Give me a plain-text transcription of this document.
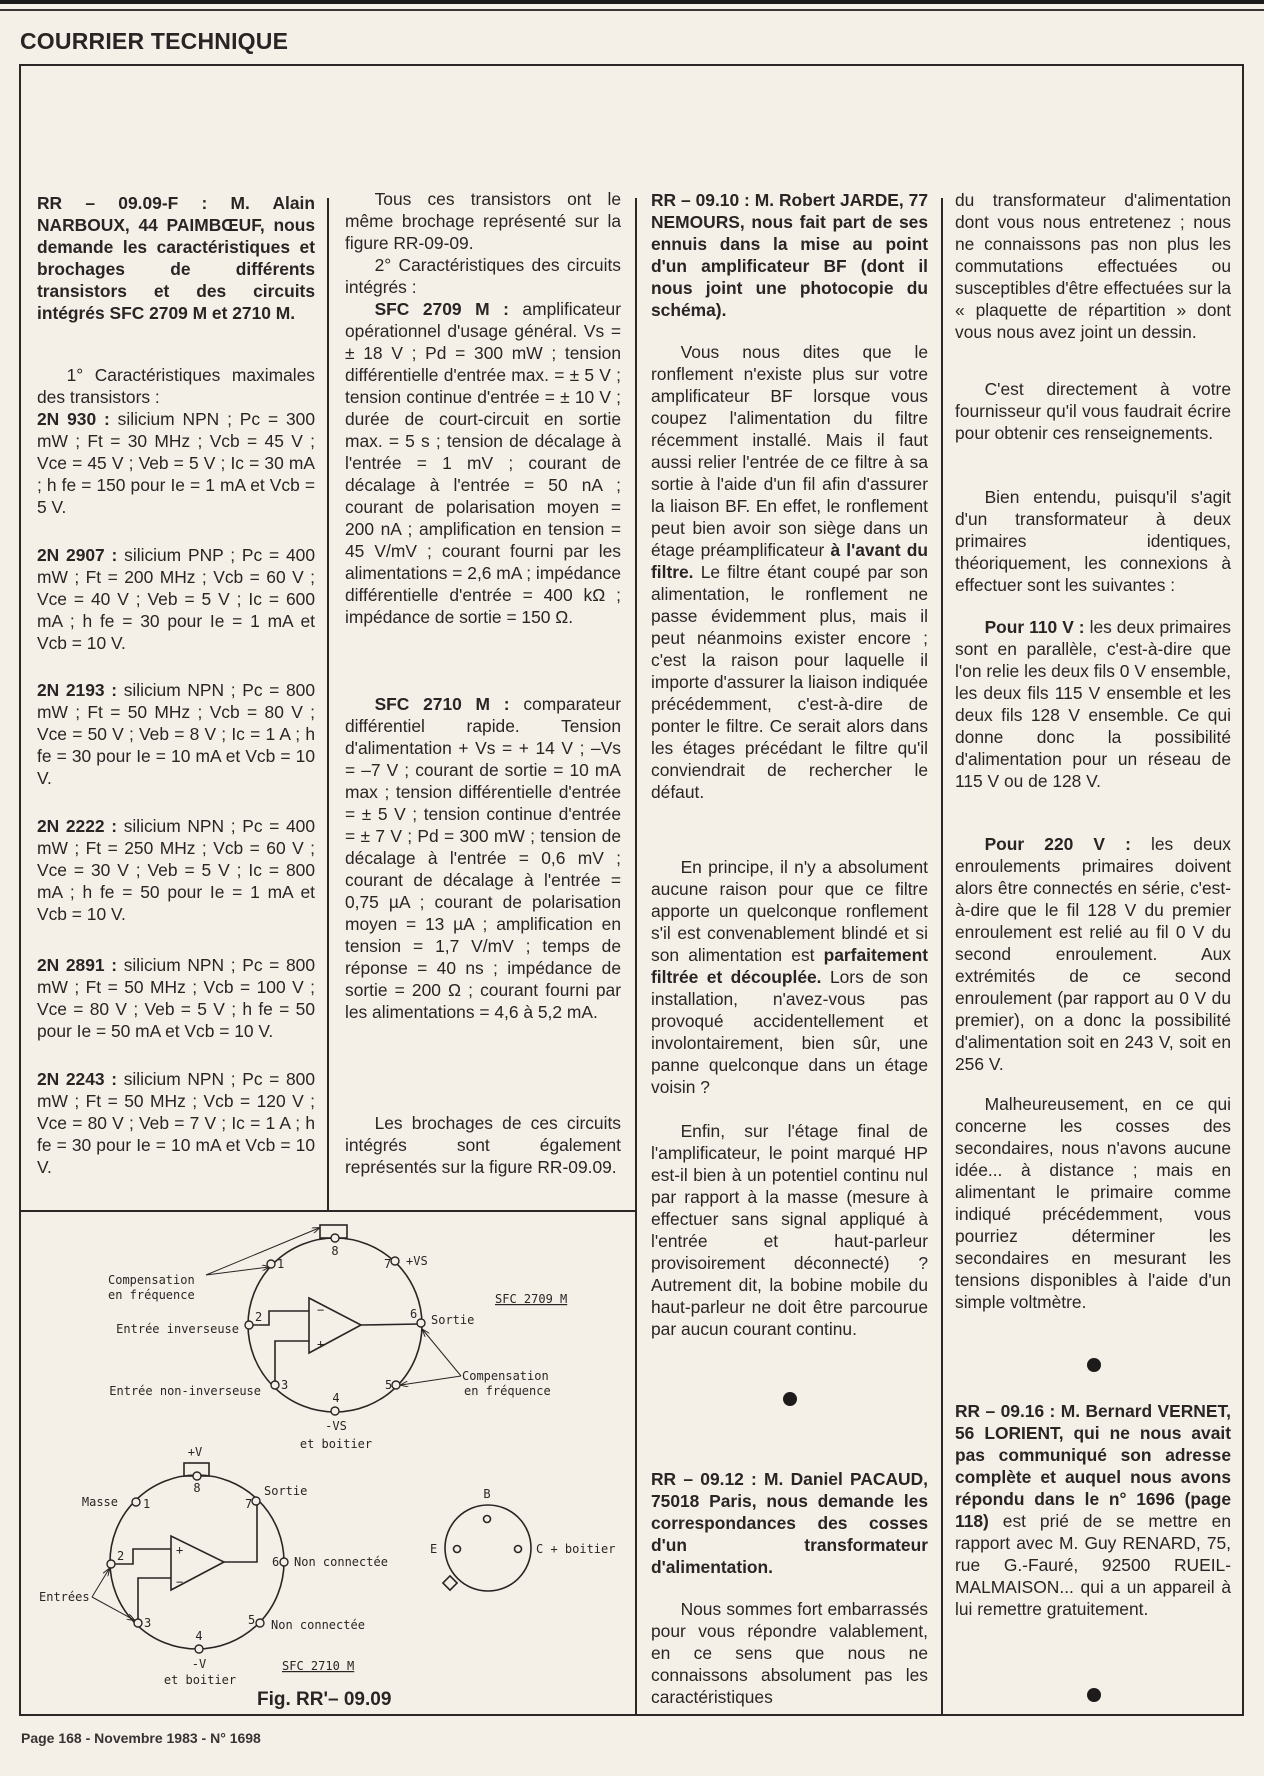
COURRIER TECHNIQUE

RR – 09.09-F : M. Alain NARBOUX, 44 PAIMBŒUF, nous demande les caractéristiques et brochages de différents transistors et des circuits intégrés SFC 2709 M et 2710 M.

1° Caractéristiques maximales des transistors :

2N 930 : silicium NPN ; Pc = 300 mW ; Ft = 30 MHz ; Vcb = 45 V ; Vce = 45 V ; Veb = 5 V ; Ic = 30 mA ; h fe = 150 pour Ie = 1 mA et Vcb = 5 V.

2N 2907 : silicium PNP ; Pc = 400 mW ; Ft = 200 MHz ; Vcb = 60 V ; Vce = 40 V ; Veb = 5 V ; Ic = 600 mA ; h fe = 30 pour Ie = 1 mA et Vcb = 10 V.

2N 2193 : silicium NPN ; Pc = 800 mW ; Ft = 50 MHz ; Vcb = 80 V ; Vce = 50 V ; Veb = 8 V ; Ic = 1 A ; h fe = 30 pour Ie = 10 mA et Vcb = 10 V.

2N 2222 : silicium NPN ; Pc = 400 mW ; Ft = 250 MHz ; Vcb = 60 V ; Vce = 30 V ; Veb = 5 V ; Ic = 800 mA ; h fe = 50 pour Ie = 1 mA et Vcb = 10 V.

2N 2891 : silicium NPN ; Pc = 800 mW ; Ft = 50 MHz ; Vcb = 100 V ; Vce = 80 V ; Veb = 5 V ; h fe = 50 pour Ie = 50 mA et Vcb = 10 V.

2N 2243 : silicium NPN ; Pc = 800 mW ; Ft = 50 MHz ; Vcb = 120 V ; Vce = 80 V ; Veb = 7 V ; Ic = 1 A ; h fe = 30 pour Ie = 10 mA et Vcb = 10 V.

Tous ces transistors ont le même brochage représenté sur la figure RR-09-09.

2° Caractéristiques des circuits intégrés :

SFC 2709 M : amplificateur opérationnel d'usage général. Vs = ± 18 V ; Pd = 300 mW ; tension différentielle d'entrée max. = ± 5 V ; tension continue d'entrée = ± 10 V ; durée de court-circuit en sortie max. = 5 s ; tension de décalage à l'entrée = 1 mV ; courant de décalage à l'entrée = 50 nA ; courant de polarisation moyen = 200 nA ; amplification en tension = 45 V/mV ; courant fourni par les alimentations = 2,6 mA ; impédance différentielle d'entrée = 400 kΩ ; impédance de sortie = 150 Ω.

SFC 2710 M : comparateur différentiel rapide. Tension d'alimentation + Vs = + 14 V ; –Vs = –7 V ; courant de sortie = 10 mA max ; tension différentielle d'entrée = ± 5 V ; tension continue d'entrée = ± 7 V ; Pd = 300 mW ; tension de décalage à l'entrée = 0,6 mV ; courant de décalage à l'entrée = 0,75 µA ; courant de polarisation moyen = 13 µA ; amplification en tension = 1,7 V/mV ; temps de réponse = 40 ns ; impédance de sortie = 200 Ω ; courant fourni par les alimentations = 4,6 à 5,2 mA.

Les brochages de ces circuits intégrés sont également représentés sur la figure RR-09.09.

RR – 09.10 : M. Robert JARDE, 77 NEMOURS, nous fait part de ses ennuis dans la mise au point d'un amplificateur BF (dont il nous joint une photocopie du schéma).

Vous nous dites que le ronflement n'existe plus sur votre amplificateur BF lorsque vous coupez l'alimentation du filtre récemment installé. Mais il faut aussi relier l'entrée de ce filtre à sa sortie à l'aide d'un fil afin d'assurer la liaison BF. En effet, le ronflement peut bien avoir son siège dans un étage préamplificateur à l'avant du filtre. Le filtre étant coupé par son alimentation, le ronflement ne passe évidemment plus, mais il peut néanmoins exister encore ; c'est la raison pour laquelle il importe d'assurer la liaison indiquée précédemment, c'est-à-dire de ponter le filtre. Ce serait alors dans les étages précédant le filtre qu'il conviendrait de rechercher le défaut.

En principe, il n'y a absolument aucune raison pour que ce filtre apporte un quelconque ronflement s'il est convenablement blindé et si son alimentation est parfaitement filtrée et découplée. Lors de son installation, n'avez-vous pas provoqué accidentellement et involontairement, bien sûr, une panne quelconque dans un étage voisin ?

Enfin, sur l'étage final de l'amplificateur, le point marqué HP est-il bien à un potentiel continu nul par rapport à la masse (mesure à effectuer sans signal appliqué à l'entrée et haut-parleur provisoirement déconnecté) ? Autrement dit, la bobine mobile du haut-parleur ne doit être parcourue par aucun courant continu.

RR – 09.12 : M. Daniel PACAUD, 75018 Paris, nous demande les correspondances des cosses d'un transformateur d'alimentation.

Nous sommes fort embarrassés pour vous répondre valablement, en ce sens que nous ne connaissons absolument pas les caractéristiques

du transformateur d'alimentation dont vous nous entretenez ; nous ne connaissons pas non plus les commutations effectuées ou susceptibles d'être effectuées sur la « plaquette de répartition » dont vous nous avez joint un dessin.

C'est directement à votre fournisseur qu'il vous faudrait écrire pour obtenir ces renseignements.

Bien entendu, puisqu'il s'agit d'un transformateur à deux primaires identiques, théoriquement, les connexions à effectuer sont les suivantes :

Pour 110 V : les deux primaires sont en parallèle, c'est-à-dire que l'on relie les deux fils 0 V ensemble, les deux fils 115 V ensemble et les deux fils 128 V ensemble. Ce qui donne donc la possibilité d'alimentation pour un réseau de 115 V ou de 128 V.

Pour 220 V : les deux enroulements primaires doivent alors être connectés en série, c'est-à-dire que le fil 128 V du premier enroulement est relié au fil 0 V du second enroulement. Aux extrémités de ce second enroulement (par rapport au 0 V du premier), on a donc la possibilité d'alimentation soit en 243 V, soit en 256 V.

Malheureusement, en ce qui concerne les cosses des secondaires, nous n'avons aucune idée... à distance ; mais en alimentant le primaire comme indiqué précédemment, vous pourriez déterminer les secondaires en mesurant les tensions disponibles à l'aide d'un simple voltmètre.

RR – 09.16 : M. Bernard VERNET, 56 LORIENT, qui ne nous avait pas communiqué son adresse complète et auquel nous avons répondu dans le n° 1696 (page 118) est prié de se mettre en rapport avec M. Guy RENARD, 75, rue G.-Fauré, 92500 RUEIL-MALMAISON... qui a un appareil à lui remettre gratuitement.

Compensation
en fréquence
Entrée inverseuse
Entrée non-inverseuse
+VS
Sortie
SFC 2709 M
Compensation
en fréquence
-VS
et boitier
−
+
1
2
3
4
5
6
7
8
+V
Masse
Sortie
Non connectée
Non connectée
Entrées
-V
et boitier
SFC 2710 M
+
−
1
2
3
4
5
6
7
8	B
E	C + boitier
Fig. RR'– 09.09
Page 168 - Novembre 1983 - N° 1698
